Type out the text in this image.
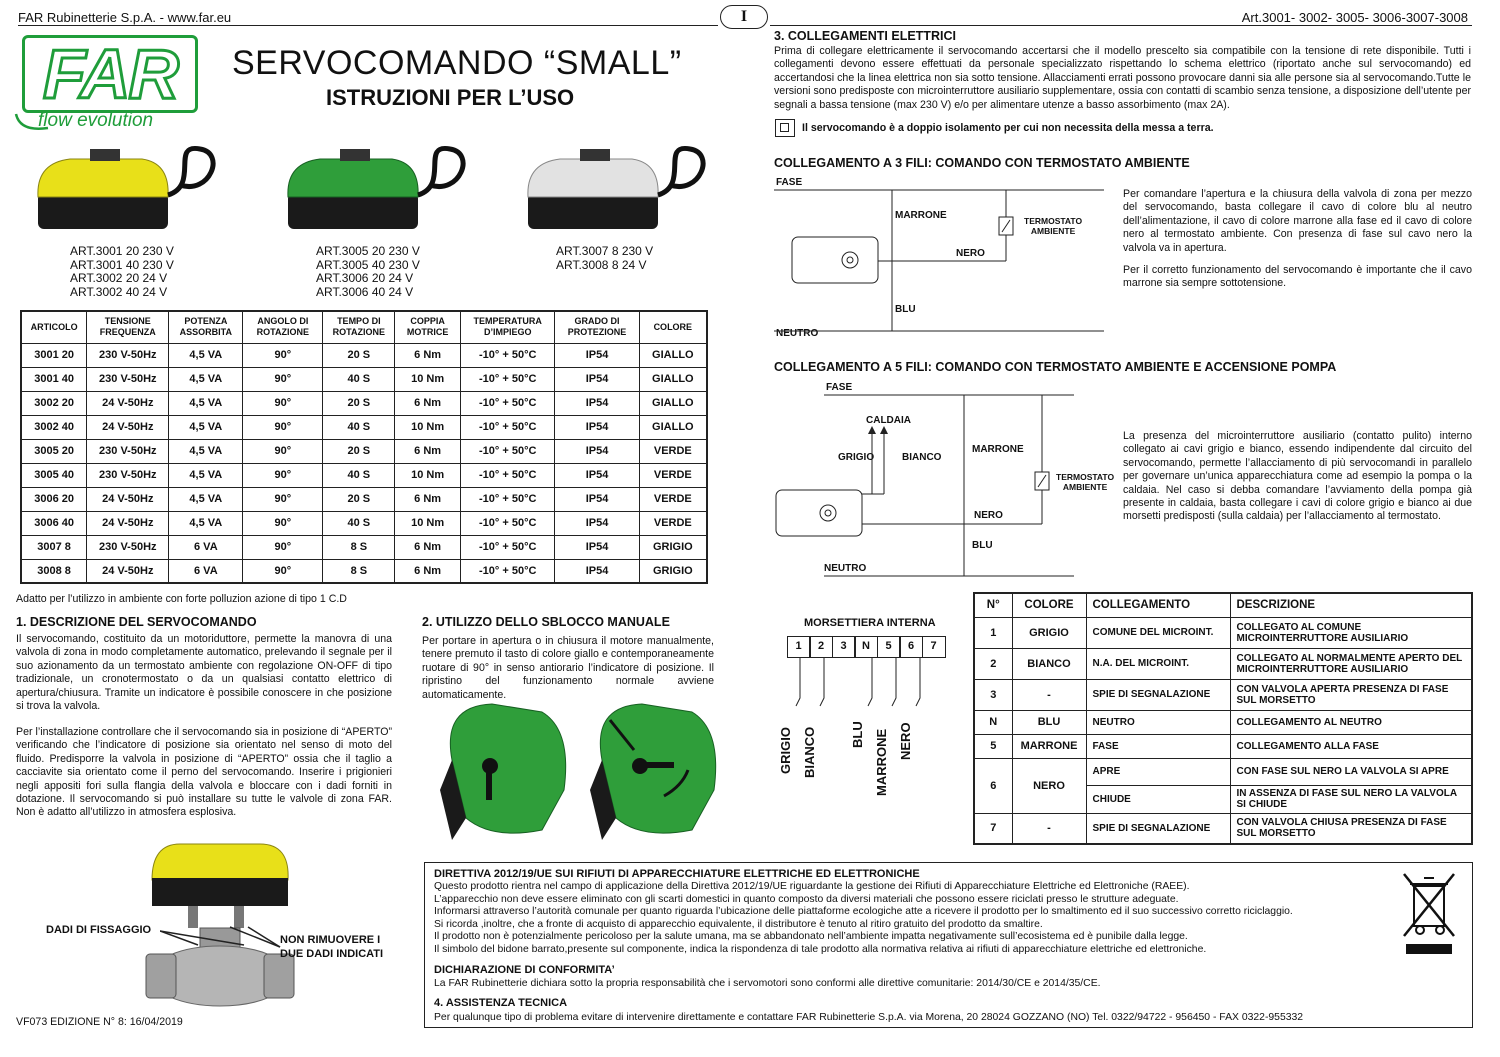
FAR Rubinetterie S.p.A. - www.far.eu	I	Art.3001- 3002- 3005- 3006-3007-3008
FAR
flow evolution
SERVOCOMANDO “SMALL”
ISTRUZIONI PER L’USO
ART.3001 20 230 V
ART.3001 40 230 V
ART.3002 20 24 V
ART.3002 40 24 V
ART.3005 20 230 V
ART.3005 40 230 V
ART.3006 20 24 V
ART.3006 40 24 V
ART.3007 8 230 V
ART.3008 8 24 V
ARTICOLO	TENSIONE FREQUENZA	POTENZA ASSORBITA	ANGOLO DI ROTAZIONE	TEMPO DI ROTAZIONE	COPPIA MOTRICE	TEMPERATURA D’IMPIEGO	GRADO DI PROTEZIONE	COLORE
3001 20	230 V-50Hz	4,5 VA	90°	20 S	6 Nm	-10° + 50°C	IP54	GIALLO
3001 40	230 V-50Hz	4,5 VA	90°	40 S	10 Nm	-10° + 50°C	IP54	GIALLO
3002 20	24 V-50Hz	4,5 VA	90°	20 S	6 Nm	-10° + 50°C	IP54	GIALLO
3002 40	24 V-50Hz	4,5 VA	90°	40 S	10 Nm	-10° + 50°C	IP54	GIALLO
3005 20	230 V-50Hz	4,5 VA	90°	20 S	6 Nm	-10° + 50°C	IP54	VERDE
3005 40	230 V-50Hz	4,5 VA	90°	40 S	10 Nm	-10° + 50°C	IP54	VERDE
3006 20	24 V-50Hz	4,5 VA	90°	20 S	6 Nm	-10° + 50°C	IP54	VERDE
3006 40	24 V-50Hz	4,5 VA	90°	40 S	10 Nm	-10° + 50°C	IP54	VERDE
3007 8	230 V-50Hz	6 VA	90°	8 S	6 Nm	-10° + 50°C	IP54	GRIGIO
3008 8	24 V-50Hz	6 VA	90°	8 S	6 Nm	-10° + 50°C	IP54	GRIGIO
Adatto per l’utilizzo in ambiente con forte polluzion azione di tipo 1 C.D
1. DESCRIZIONE DEL SERVOCOMANDO

Il servocomando, costituito da un motoriduttore, permette la manovra di una valvola di zona in modo completamente automatico, prelevando il segnale per il suo azionamento da un termostato ambiente con regolazione ON-OFF di tipo tradizionale, un cronotermostato o da un qualsiasi contatto elettrico di apertura/chiusura. Tramite un indicatore è possibile conoscere in che posizione si trova la valvola.

Per l’installazione controllare che il servocomando sia in posizione di “APERTO” verificando che l’indicatore di posizione sia orientato nel senso di moto del fluido. Predisporre la valvola in posizione di “APERTO” ossia che il taglio a cacciavite sia orientato come il perno del servocomando. Inserire i prigionieri negli appositi fori sulla flangia della valvola e bloccare con i dadi forniti in dotazione. Il servocomando si può installare su tutte le valvole di zona FAR. Non è adatto all’utilizzo in atmosfera esplosiva.

DADI DI FISSAGGIO
NON RIMUOVERE I DUE DADI INDICATI
VF073 EDIZIONE N° 8: 16/04/2019
2. UTILIZZO DELLO SBLOCCO MANUALE

Per portare in apertura o in chiusura il motore manualmente, tenere premuto il tasto di colore giallo e contemporaneamente ruotare di 90° in senso antiorario l’indicatore di posizione. Il ripristino del funzionamento normale avviene automaticamente.

3. COLLEGAMENTI ELETTRICI

Prima di collegare elettricamente il servocomando accertarsi che il modello prescelto sia compatibile con la tensione di rete disponibile. Tutti i collegamenti devono essere effettuati da personale specializzato rispettando lo schema elettrico (riportato anche sul servocomando) ed accertandosi che la linea elettrica non sia sotto tensione. Allacciamenti errati possono provocare danni sia alle persone sia al servocomando.Tutte le versioni sono predisposte con microinterruttore ausiliario supplementare, ossia con contatti di scambio senza tensione, a disposizione dell’utente per segnali a bassa tensione (max 230 V) e/o per alimentare utenze a basso assorbimento (max 2A).

Il servocomando è a doppio isolamento per cui non necessita della messa a terra.
COLLEGAMENTO A 3 FILI: COMANDO CON TERMOSTATO AMBIENTE
FASE
NEUTRO
MARRONE
NERO
BLU
TERMOSTATO
AMBIENTE

Per comandare l’apertura e la chiusura della valvola di zona per mezzo del servocomando, basta collegare il cavo di colore blu al neutro dell’alimentazione, il cavo di colore marrone alla fase ed il cavo di colore nero al termostato ambiente. Con presenza di fase sul cavo nero la valvola va in apertura.

Per il corretto funzionamento del servocomando è importante che il cavo marrone sia sempre sottotensione.

COLLEGAMENTO A 5 FILI: COMANDO CON TERMOSTATO AMBIENTE E ACCENSIONE POMPA
FASE
CALDAIA
GRIGIO	BIANCO
MARRONE
NERO
BLU
NEUTRO
TERMOSTATO
AMBIENTE

La presenza del microinterruttore ausiliario (contatto pulito) interno collegato ai cavi grigio e bianco, essendo indipendente dal circuito del servocomando, permette l’allacciamento di più servocomandi in parallelo per governare un’unica apparecchiatura come ad esempio la pompa o la caldaia. Nel caso si debba comandare l’avviamento della pompa già presente in caldaia, basta collegare i cavi di colore grigio e bianco ai due morsetti predisposti (sulla caldaia) per l’allacciamento al termostato.

MORSETTIERA INTERNA
1	2	3	N	5	6	7
GRIGIO BIANCO	BLU MARRONE NERO
N°	COLORE	COLLEGAMENTO	DESCRIZIONE
1	GRIGIO	COMUNE DEL MICROINT.	COLLEGATO AL COMUNE MICROINTERRUTTORE AUSILIARIO
2	BIANCO	N.A. DEL MICROINT.	COLLEGATO AL NORMALMENTE APERTO DEL MICROINTERRUTTORE AUSILIARIO
3	-	SPIE DI SEGNALAZIONE	CON VALVOLA APERTA PRESENZA DI FASE SUL MORSETTO
N	BLU	NEUTRO	COLLEGAMENTO AL NEUTRO
5	MARRONE	FASE	COLLEGAMENTO ALLA FASE
6	NERO	APRE	CON FASE SUL NERO LA VALVOLA SI APRE
		CHIUDE	IN ASSENZA DI FASE SUL NERO LA VALVOLA SI CHIUDE
7	-	SPIE DI SEGNALAZIONE	CON VALVOLA CHIUSA PRESENZA DI FASE SUL MORSETTO
DIRETTIVA 2012/19/UE SUI RIFIUTI DI APPARECCHIATURE ELETTRICHE ED ELETTRONICHE
Questo prodotto rientra nel campo di applicazione della Direttiva 2012/19/UE riguardante la gestione dei Rifiuti di Apparecchiature Elettriche ed Elettroniche (RAEE).
L’apparecchio non deve essere eliminato con gli scarti domestici in quanto composto da diversi materiali che possono essere riciclati presso le strutture adeguate.
Informarsi attraverso l’autorità comunale per quanto riguarda l’ubicazione delle piattaforme ecologiche atte a ricevere il prodotto per lo smaltimento ed il suo successivo corretto riciclaggio.
Si ricorda ,inoltre, che a fronte di acquisto di apparecchio equivalente, il distributore è tenuto al ritiro gratuito del prodotto da smaltire.
Il prodotto non è potenzialmente pericoloso per la salute umana, ma se abbandonato nell’ambiente impatta negativamente sull’ecosistema ed è punibile dalla legge.
Il simbolo del bidone barrato,presente sul componente, indica la rispondenza di tale prodotto alla normativa relativa ai rifiuti di apparecchiature elettriche ed elettroniche.
DICHIARAZIONE DI CONFORMITA’
La FAR Rubinetterie dichiara sotto la propria responsabilità che i servomotori sono conformi alle direttive comunitarie: 2014/30/CE e 2014/35/CE.
4. ASSISTENZA TECNICA
Per qualunque tipo di problema evitare di intervenire direttamente e contattare FAR Rubinetterie S.p.A. via Morena, 20 28024 GOZZANO (NO) Tel. 0322/94722 - 956450 - FAX 0322-955332
